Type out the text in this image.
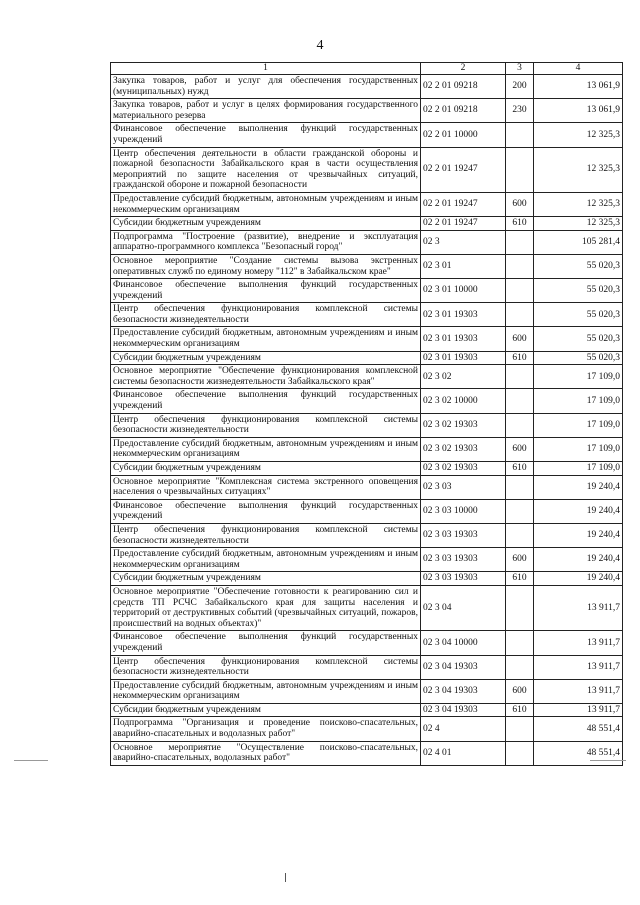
4
1	2	3	4
Закупка товаров, работ и услуг для обеспечения государственных (муниципальных) нужд	02 2 01 09218	200	13 061,9
Закупка товаров, работ и услуг в целях формирования государственного материального резерва	02 2 01 09218	230	13 061,9
Финансовое обеспечение выполнения функций государственных учреждений	02 2 01 10000		12 325,3
Центр обеспечения деятельности в области гражданской обороны и пожарной безопасности Забайкальского края в части осуществления мероприятий по защите населения от чрезвычайных ситуаций, гражданской обороне и пожарной безопасности	02 2 01 19247		12 325,3
Предоставление субсидий бюджетным, автономным учреждениям и иным некоммерческим организациям	02 2 01 19247	600	12 325,3
Субсидии бюджетным учреждениям	02 2 01 19247	610	12 325,3
Подпрограмма "Построение (развитие), внедрение и эксплуатация аппаратно-программного комплекса "Безопасный город"	02 3		105 281,4
Основное мероприятие "Создание системы вызова экстренных оперативных служб по единому номеру "112" в Забайкальском крае"	02 3 01		55 020,3
Финансовое обеспечение выполнения функций государственных учреждений	02 3 01 10000		55 020,3
Центр обеспечения функционирования комплексной системы безопасности жизнедеятельности	02 3 01 19303		55 020,3
Предоставление субсидий бюджетным, автономным учреждениям и иным некоммерческим организациям	02 3 01 19303	600	55 020,3
Субсидии бюджетным учреждениям	02 3 01 19303	610	55 020,3
Основное мероприятие "Обеспечение функционирования комплексной системы безопасности жизнедеятельности Забайкальского края"	02 3 02		17 109,0
Финансовое обеспечение выполнения функций государственных учреждений	02 3 02 10000		17 109,0
Центр обеспечения функционирования комплексной системы безопасности жизнедеятельности	02 3 02 19303		17 109,0
Предоставление субсидий бюджетным, автономным учреждениям и иным некоммерческим организациям	02 3 02 19303	600	17 109,0
Субсидии бюджетным учреждениям	02 3 02 19303	610	17 109,0
Основное мероприятие "Комплексная система экстренного оповещения населения о чрезвычайных ситуациях"	02 3 03		19 240,4
Финансовое обеспечение выполнения функций государственных учреждений	02 3 03 10000		19 240,4
Центр обеспечения функционирования комплексной системы безопасности жизнедеятельности	02 3 03 19303		19 240,4
Предоставление субсидий бюджетным, автономным учреждениям и иным некоммерческим организациям	02 3 03 19303	600	19 240,4
Субсидии бюджетным учреждениям	02 3 03 19303	610	19 240,4
Основное мероприятие "Обеспечение готовности к реагированию сил и средств ТП РСЧС Забайкальского края для защиты населения и территорий от деструктивных событий (чрезвычайных ситуаций, пожаров, происшествий на водных объектах)"	02 3 04		13 911,7
Финансовое обеспечение выполнения функций государственных учреждений	02 3 04 10000		13 911,7
Центр обеспечения функционирования комплексной системы безопасности жизнедеятельности	02 3 04 19303		13 911,7
Предоставление субсидий бюджетным, автономным учреждениям и иным некоммерческим организациям	02 3 04 19303	600	13 911,7
Субсидии бюджетным учреждениям	02 3 04 19303	610	13 911,7
Подпрограмма "Организация и проведение поисково-спасательных, аварийно-спасательных и водолазных работ"	02 4		48 551,4
Основное мероприятие "Осуществление поисково-спасательных, аварийно-спасательных, водолазных работ"	02 4 01		48 551,4
